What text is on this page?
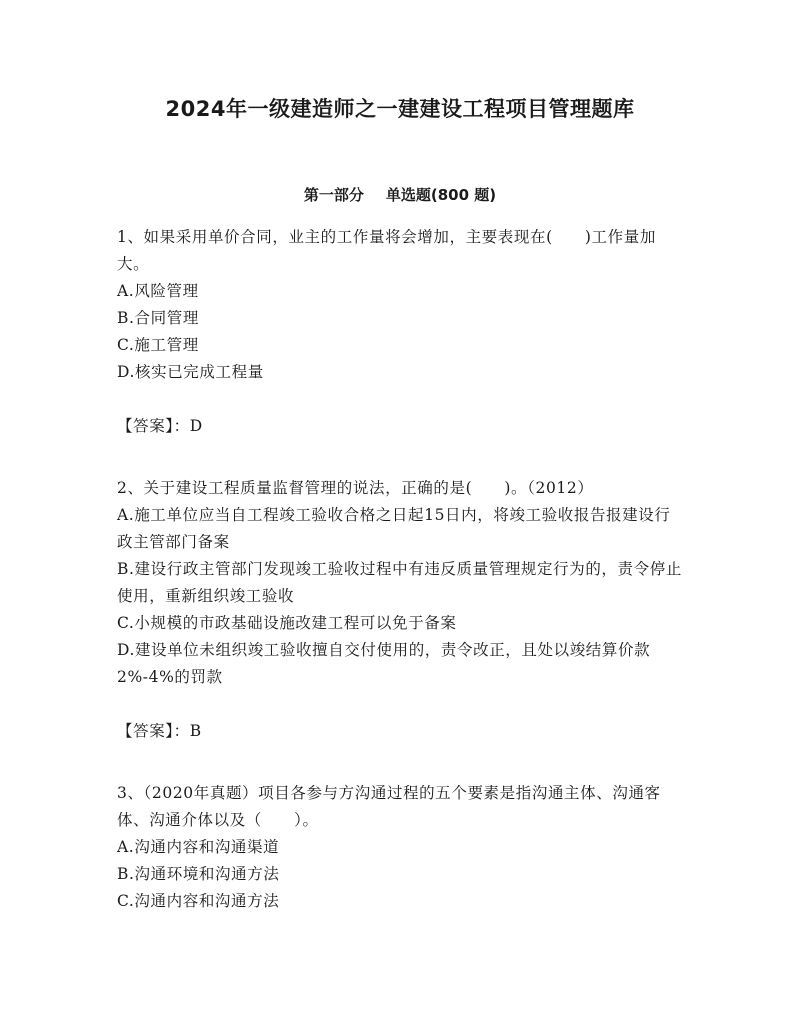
2024年一级建造师之一建建设工程项目管理题库
第一部分 单选题(800 题)

1、如果采用单价合同，业主的工作量将会增加，主要表现在(　　)工作量加大。

A.风险管理
B.合同管理
C.施工管理
D.核实已完成工程量

【答案】：D

2、关于建设工程质量监督管理的说法，正确的是(　　)。（2012）

A.施工单位应当自工程竣工验收合格之日起15日内，将竣工验收报告报建设行政主管部门备案
B.建设行政主管部门发现竣工验收过程中有违反质量管理规定行为的，责令停止使用，重新组织竣工验收
C.小规模的市政基础设施改建工程可以免于备案
D.建设单位未组织竣工验收擅自交付使用的，责令改正，且处以竣结算价款 2%-4%的罚款

【答案】：B

3、（2020年真题）项目各参与方沟通过程的五个要素是指沟通主体、沟通客体、沟通介体以及（　　）。

A.沟通内容和沟通渠道
B.沟通环境和沟通方法
C.沟通内容和沟通方法
